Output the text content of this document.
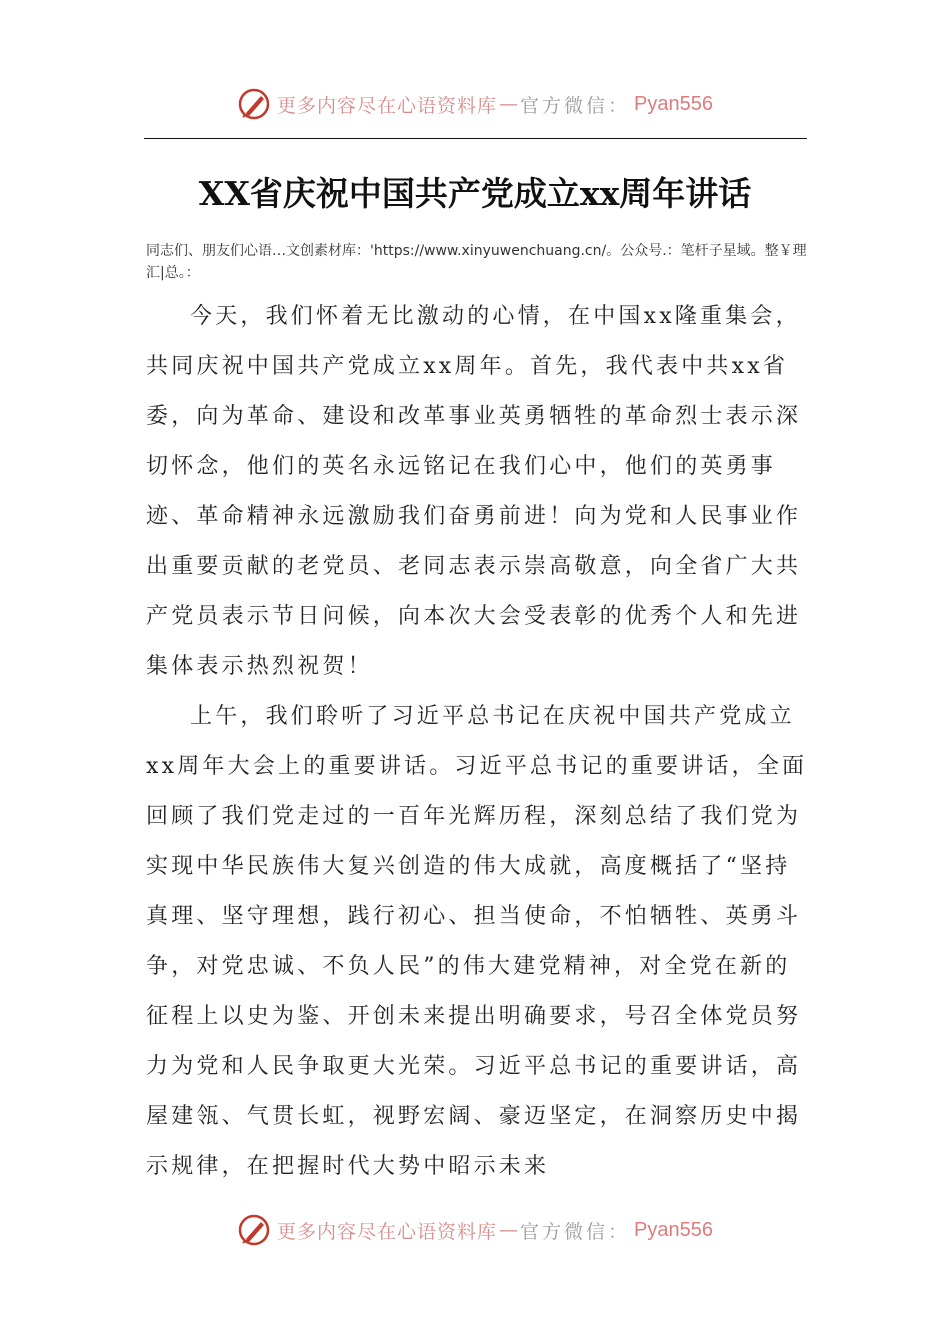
更多内容尽在心语资料库 — 官方微信： Pyan556
XX省庆祝中国共产党成立xx周年讲话
同志们、朋友们心语…文创素材库：'https://www.xinyuwenchuang.cn/。公众号.：笔杆子星域。整￥理汇|总。：

今天，我们怀着无比激动的心情，在中国xx隆重集会，共同庆祝中国共产党成立xx周年。首先，我代表中共xx省委，向为革命、建设和改革事业英勇牺牲的革命烈士表示深切怀念，他们的英名永远铭记在我们心中，他们的英勇事迹、革命精神永远激励我们奋勇前进！向为党和人民事业作出重要贡献的老党员、老同志表示崇高敬意，向全省广大共产党员表示节日问候，向本次大会受表彰的优秀个人和先进集体表示热烈祝贺！

上午，我们聆听了习近平总书记在庆祝中国共产党成立xx周年大会上的重要讲话。习近平总书记的重要讲话，全面回顾了我们党走过的一百年光辉历程，深刻总结了我们党为实现中华民族伟大复兴创造的伟大成就，高度概括了“坚持真理、坚守理想，践行初心、担当使命，不怕牺牲、英勇斗争，对党忠诚、不负人民”的伟大建党精神，对全党在新的征程上以史为鉴、开创未来提出明确要求，号召全体党员努力为党和人民争取更大光荣。习近平总书记的重要讲话，高屋建瓴、气贯长虹，视野宏阔、豪迈坚定，在洞察历史中揭示规律，在把握时代大势中昭示未来

更多内容尽在心语资料库 — 官方微信： Pyan556
